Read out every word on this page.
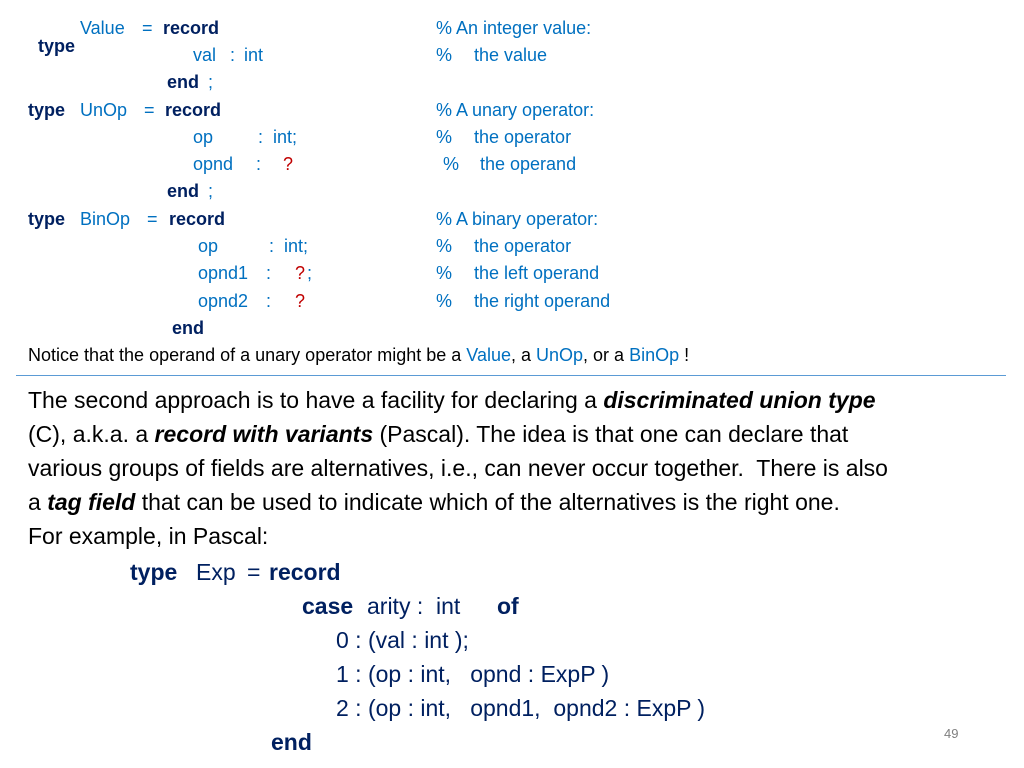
type

Value = record	% An integer value:
val : int	% the value
end ;
type UnOp = record	% A unary operator:
op : int;	% the operator
opnd : ?	% the operand
end ;
type BinOp = record	% A binary operator:
op	: int;	% the operator
opnd1 : ? ;	% the left operand
opnd2 : ?	% the right operand
end
Notice that the operand of a unary operator might be a Value, a UnOp, or a BinOp !
The second approach is to have a facility for declaring a discriminated union type
(C), a.k.a. a record with variants (Pascal). The idea is that one can declare that
various groups of fields are alternatives, i.e., can never occur together.  There is also
a tag field that can be used to indicate which of the alternatives is the right one.
For example, in Pascal:
type Exp = record
case arity :  int of
0 : (val : int );
1 : (op : int,   opnd : ExpP )
2 : (op : int,   opnd1,  opnd2 : ExpP )
end	49
